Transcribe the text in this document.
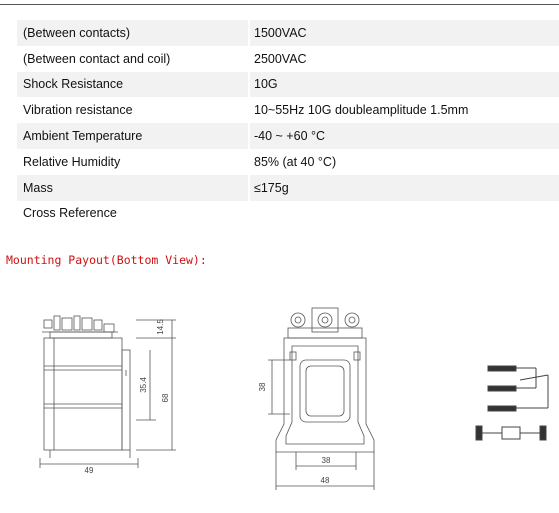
(Between contacts)	1500VAC
(Between contact and coil)	2500VAC
Shock Resistance	10G
Vibration resistance	10~55Hz 10G doubleamplitude 1.5mm
Ambient Temperature	-40 ~ +60 °C
Relative Humidity	85% (at 40 °C)
Mass	≤175g
Cross Reference
Mounting Payout(Bottom View):
14.5
35.4
68
49
38
38
48
